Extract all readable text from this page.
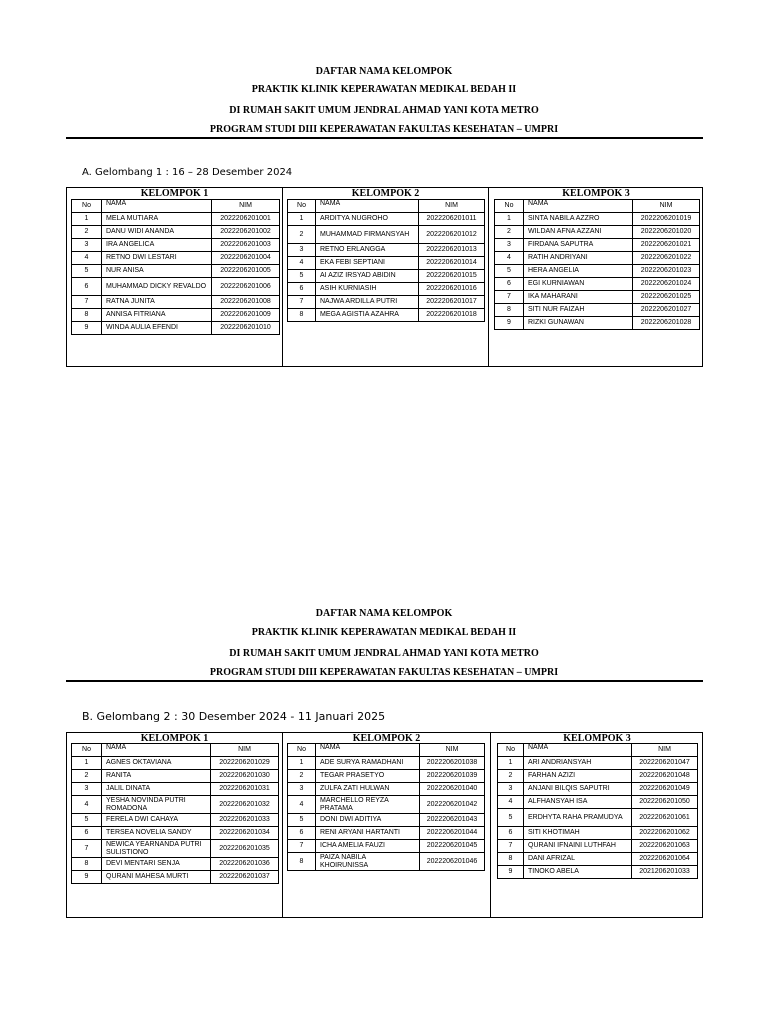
DAFTAR NAMA KELOMPOK
PRAKTIK KLINIK KEPERAWATAN MEDIKAL BEDAH II
DI RUMAH SAKIT UMUM JENDRAL AHMAD YANI KOTA METRO
PROGRAM STUDI DIII KEPERAWATAN FAKULTAS KESEHATAN – UMPRI
A. Gelombang 1 : 16 – 28 Desember 2024
KELOMPOK 1	KELOMPOK 2	KELOMPOK 3
No	NAMA	NIM
1	MELA MUTIARA	2022206201001
2	DANU WIDI ANANDA	2022206201002
3	IRA ANGELICA	2022206201003
4	RETNO DWI LESTARI	2022206201004
5	NUR ANISA	2022206201005
6	MUHAMMAD DICKY REVALDO	2022206201006
7	RATNA JUNITA	2022206201008
8	ANNISA FITRIANA	2022206201009
9	WINDA AULIA EFENDI	2022206201010
No	NAMA	NIM
1	ARDITYA NUGROHO	2022206201011
2	MUHAMMAD FIRMANSYAH	2022206201012
3	RETNO ERLANGGA	2022206201013
4	EKA FEBI SEPTIANI	2022206201014
5	AI AZIZ IRSYAD ABIDIN	2022206201015
6	ASIH KURNIASIH	2022206201016
7	NAJWA ARDILLA PUTRI	2022206201017
8	MEGA AGISTIA AZAHRA	2022206201018
No	NAMA	NIM
1	SINTA NABILA AZZRO	2022206201019
2	WILDAN AFNA AZZANI	2022206201020
3	FIRDANA SAPUTRA	2022206201021
4	RATIH ANDRIYANI	2022206201022
5	HERA ANGELIA	2022206201023
6	EGI KURNIAWAN	2022206201024
7	IKA MAHARANI	2022206201025
8	SITI NUR FAIZAH	2022206201027
9	RIZKI GUNAWAN	2022206201028
DAFTAR NAMA KELOMPOK
PRAKTIK KLINIK KEPERAWATAN MEDIKAL BEDAH II
DI RUMAH SAKIT UMUM JENDRAL AHMAD YANI KOTA METRO
PROGRAM STUDI DIII KEPERAWATAN FAKULTAS KESEHATAN – UMPRI
B. Gelombang 2 : 30 Desember 2024 - 11 Januari 2025
KELOMPOK 1	KELOMPOK 2	KELOMPOK 3
No	NAMA	NIM
1	AGNES OKTAVIANA	2022206201029
2	RANITA	2022206201030
3	JALIL DINATA	2022206201031
4	YESHA NOVINDA PUTRI ROMADONA	2022206201032
5	FERELA DWI CAHAYA	2022206201033
6	TERSEA NOVELIA SANDY	2022206201034
7	NEWICA YEARNANDA PUTRI SULISTIONO	2022206201035
8	DEVI MENTARI SENJA	2022206201036
9	QURANI MAHESA MURTI	2022206201037
No	NAMA	NIM
1	ADE SURYA RAMADHANI	2022206201038
2	TEGAR PRASETYO	2022206201039
3	ZULFA ZATI HULWAN	2022206201040
4	MARCHELLO REYZA PRATAMA	2022206201042
5	DONI DWI ADITIYA	2022206201043
6	RENI ARYANI HARTANTI	2022206201044
7	ICHA AMELIA FAUZI	2022206201045
8	PAIZA NABILA KHOIRUNISSA	2022206201046
No	NAMA	NIM
1	ARI ANDRIANSYAH	2022206201047
2	FARHAN AZIZI	2022206201048
3	ANJANI BILQIS SAPUTRI	2022206201049
4	ALFHANSYAH ISA	2022206201050
5	ERDHYTA RAHA PRAMUDYA	2022206201061
6	SITI KHOTIMAH	2022206201062
7	QURANI IFNAINI LUTHFAH	2022206201063
8	DANI AFRIZAL	2022206201064
9	TINOKO ABELA	2021206201033
